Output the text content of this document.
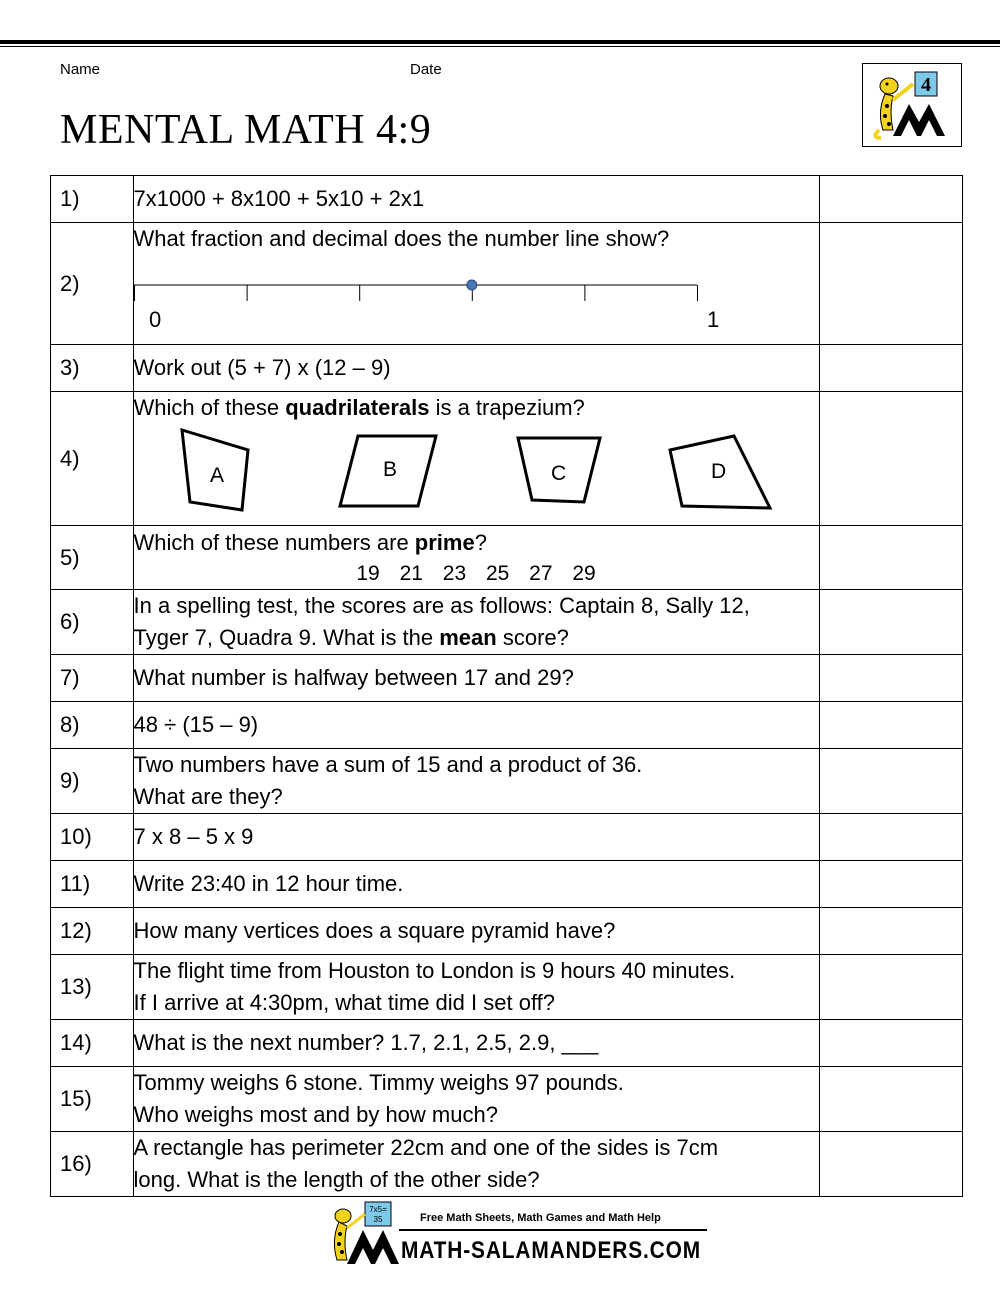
Name	Date
MENTAL MATH 4:9
4
1)	7x1000 + 8x100 + 5x10 + 2x1	
2)	What fraction and decimal does the number line show?
0 1	

3)	Work out (5 + 7) x (12 – 9)	
4)	Which of these quadrilaterals is a trapezium?
A B C D	

5)	Which of these numbers are prime?
19 21 23 25 27 29	

6)	In a spelling test, the scores are as follows: Captain 8, Sally 12,
Tyger 7, Quadra 9. What is the mean score?	

7)	What number is halfway between 17 and 29?	
8)	48 ÷ (15 – 9)	
9)	Two numbers have a sum of 15 and a product of 36.
What are they?	

10)	7 x 8 – 5 x 9	
11)	Write 23:40 in 12 hour time.	
12)	How many vertices does a square pyramid have?	
13)	The flight time from Houston to London is 9 hours 40 minutes.
If I arrive at 4:30pm, what time did I set off?	

14)	What is the next number? 1.7, 2.1, 2.5, 2.9, ___	
15)	Tommy weighs 6 stone. Timmy weighs 97 pounds.
Who weighs most and by how much?	

16)	A rectangle has perimeter 22cm and one of the sides is 7cm
long. What is the length of the other side?	

7x5=
35	Free Math Sheets, Math Games and Math Help
MATH-SALAMANDERS.COM
